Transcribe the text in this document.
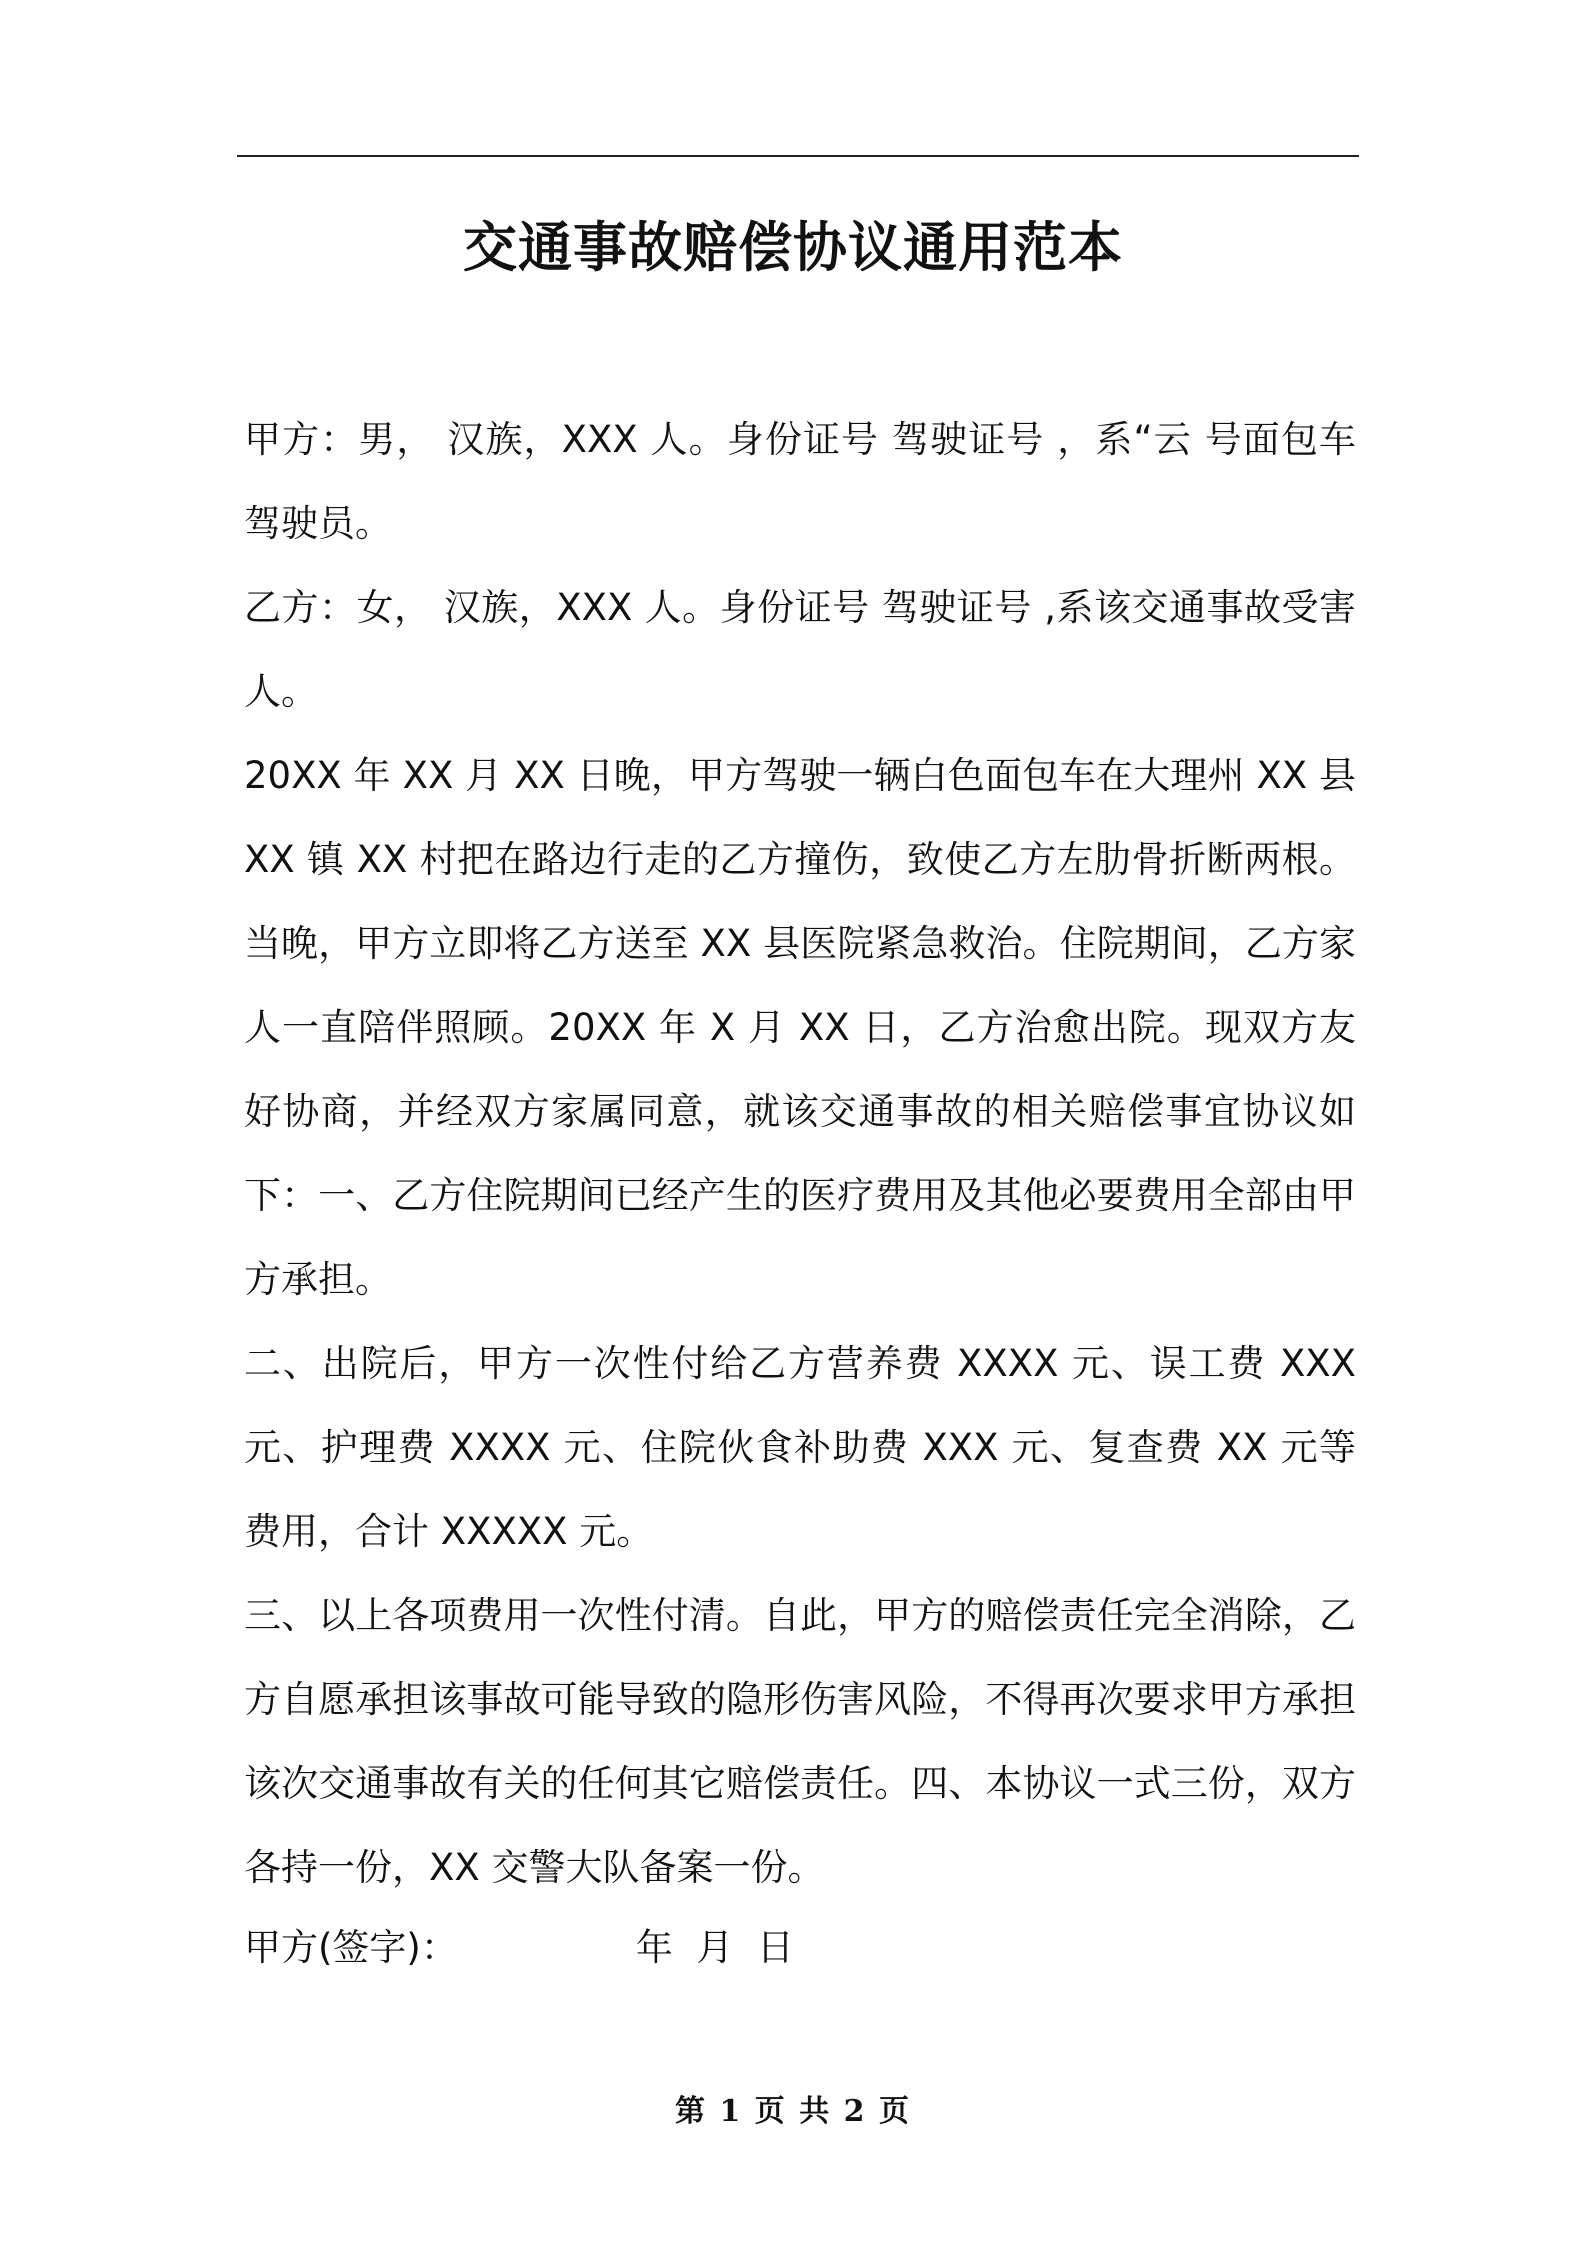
交通事故赔偿协议通用范本

甲方：男， 汉族，XXX 人。身份证号 驾驶证号 ，系“云 号面包车驾驶员。

乙方：女， 汉族，XXX 人。身份证号 驾驶证号 ,系该交通事故受害人。

20XX 年 XX 月 XX 日晚，甲方驾驶一辆白色面包车在大理州 XX 县 XX 镇 XX 村把在路边行走的乙方撞伤，致使乙方左肋骨折断两根。当晚，甲方立即将乙方送至 XX 县医院紧急救治。住院期间，乙方家人一直陪伴照顾。20XX 年 X 月 XX 日，乙方治愈出院。现双方友好协商，并经双方家属同意，就该交通事故的相关赔偿事宜协议如下：一、乙方住院期间已经产生的医疗费用及其他必要费用全部由甲方承担。

二、出院后，甲方一次性付给乙方营养费 XXXX 元、误工费 XXX 元、护理费 XXXX 元、住院伙食补助费 XXX 元、复查费 XX 元等费用，合计 XXXXX 元。

三、以上各项费用一次性付清。自此，甲方的赔偿责任完全消除，乙方自愿承担该事故可能导致的隐形伤害风险，不得再次要求甲方承担该次交通事故有关的任何其它赔偿责任。四、本协议一式三份，双方各持一份，XX 交警大队备案一份。

甲方(签字)：	年  月  日
第 1 页 共 2 页
